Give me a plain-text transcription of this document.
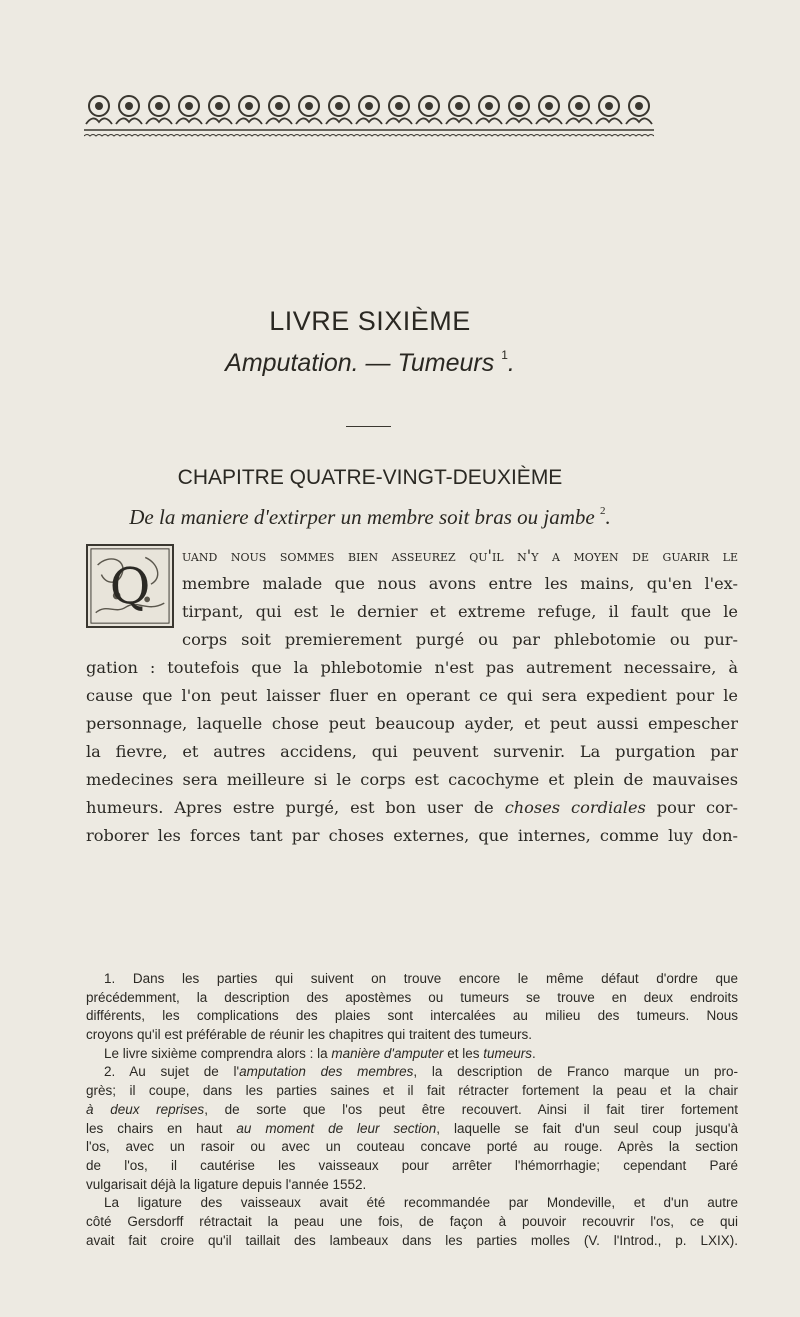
LIVRE SIXIÈME
Amputation. — Tumeurs $^1$.
CHAPITRE QUATRE-VINGT-DEUXIÈME
De la maniere d'extirper un membre soit bras ou jambe $^2$.
Q
uand nous sommes bien asseurez qu'il n'y a moyen de guarir le
membre malade que nous avons entre les mains, qu'en l'ex-
tirpant, qui est le dernier et extreme refuge, il fault que le
corps soit premierement purgé ou par phlebotomie ou pur-
gation : toutefois que la phlebotomie n'est pas autrement necessaire, à
cause que l'on peut laisser fluer en operant ce qui sera expedient pour le
personnage, laquelle chose peut beaucoup ayder, et peut aussi empescher
la fievre, et autres accidens, qui peuvent survenir. La purgation par
medecines sera meilleure si le corps est cacochyme et plein de mauvaises
humeurs. Apres estre purgé, est bon user de choses cordiales pour cor-
roborer les forces tant par choses externes, que internes, comme luy don-
1. Dans les parties qui suivent on trouve encore le même défaut d'ordre que
précédemment, la description des apostèmes ou tumeurs se trouve en deux endroits
différents, les complications des plaies sont intercalées au milieu des tumeurs. Nous
croyons qu'il est préférable de réunir les chapitres qui traitent des tumeurs.
Le livre sixième comprendra alors : la manière d'amputer et les tumeurs.
2. Au sujet de l'amputation des membres, la description de Franco marque un pro-
grès; il coupe, dans les parties saines et il fait rétracter fortement la peau et la chair
à deux reprises, de sorte que l'os peut être recouvert. Ainsi il fait tirer fortement
les chairs en haut au moment de leur section, laquelle se fait d'un seul coup jusqu'à
l'os, avec un rasoir ou avec un couteau concave porté au rouge. Après la section
de l'os, il cautérise les vaisseaux pour arrêter l'hémorrhagie; cependant Paré
vulgarisait déjà la ligature depuis l'année 1552.
La ligature des vaisseaux avait été recommandée par Mondeville, et d'un autre
côté Gersdorff rétractait la peau une fois, de façon à pouvoir recouvrir l'os, ce qui
avait fait croire qu'il taillait des lambeaux dans les parties molles (V. l'Introd., p. LXIX).
